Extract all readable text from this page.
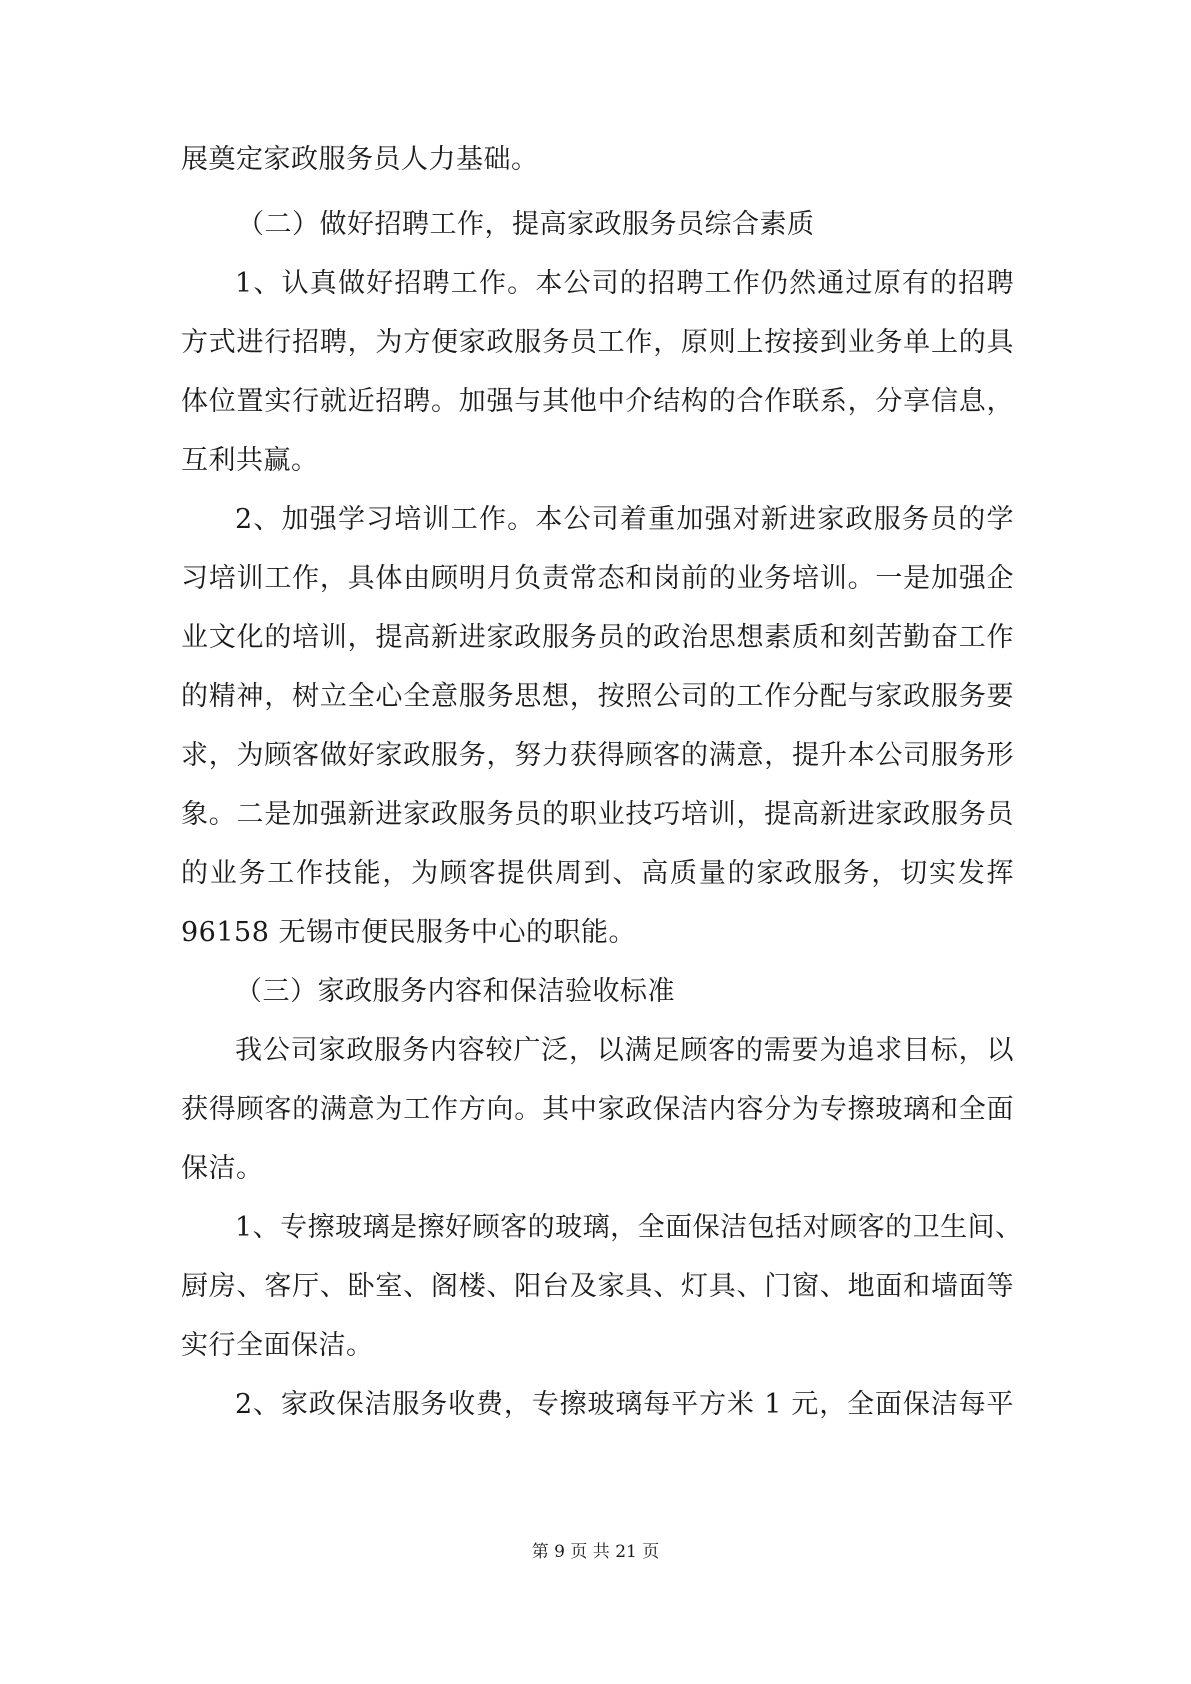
展奠定家政服务员人力基础。
（二）做好招聘工作，提高家政服务员综合素质
1、认真做好招聘工作。本公司的招聘工作仍然通过原有的招聘
方式进行招聘，为方便家政服务员工作，原则上按接到业务单上的具
体位置实行就近招聘。加强与其他中介结构的合作联系，分享信息，
互利共赢。
2、加强学习培训工作。本公司着重加强对新进家政服务员的学
习培训工作，具体由顾明月负责常态和岗前的业务培训。一是加强企
业文化的培训，提高新进家政服务员的政治思想素质和刻苦勤奋工作
的精神，树立全心全意服务思想，按照公司的工作分配与家政服务要
求，为顾客做好家政服务，努力获得顾客的满意，提升本公司服务形
象。二是加强新进家政服务员的职业技巧培训，提高新进家政服务员
的业务工作技能，为顾客提供周到、高质量的家政服务，切实发挥
96158 无锡市便民服务中心的职能。
（三）家政服务内容和保洁验收标准
我公司家政服务内容较广泛，以满足顾客的需要为追求目标，以
获得顾客的满意为工作方向。其中家政保洁内容分为专擦玻璃和全面
保洁。
1、专擦玻璃是擦好顾客的玻璃，全面保洁包括对顾客的卫生间、
厨房、客厅、卧室、阁楼、阳台及家具、灯具、门窗、地面和墙面等
实行全面保洁。
2、家政保洁服务收费，专擦玻璃每平方米 1 元，全面保洁每平
第 9 页 共 21 页
